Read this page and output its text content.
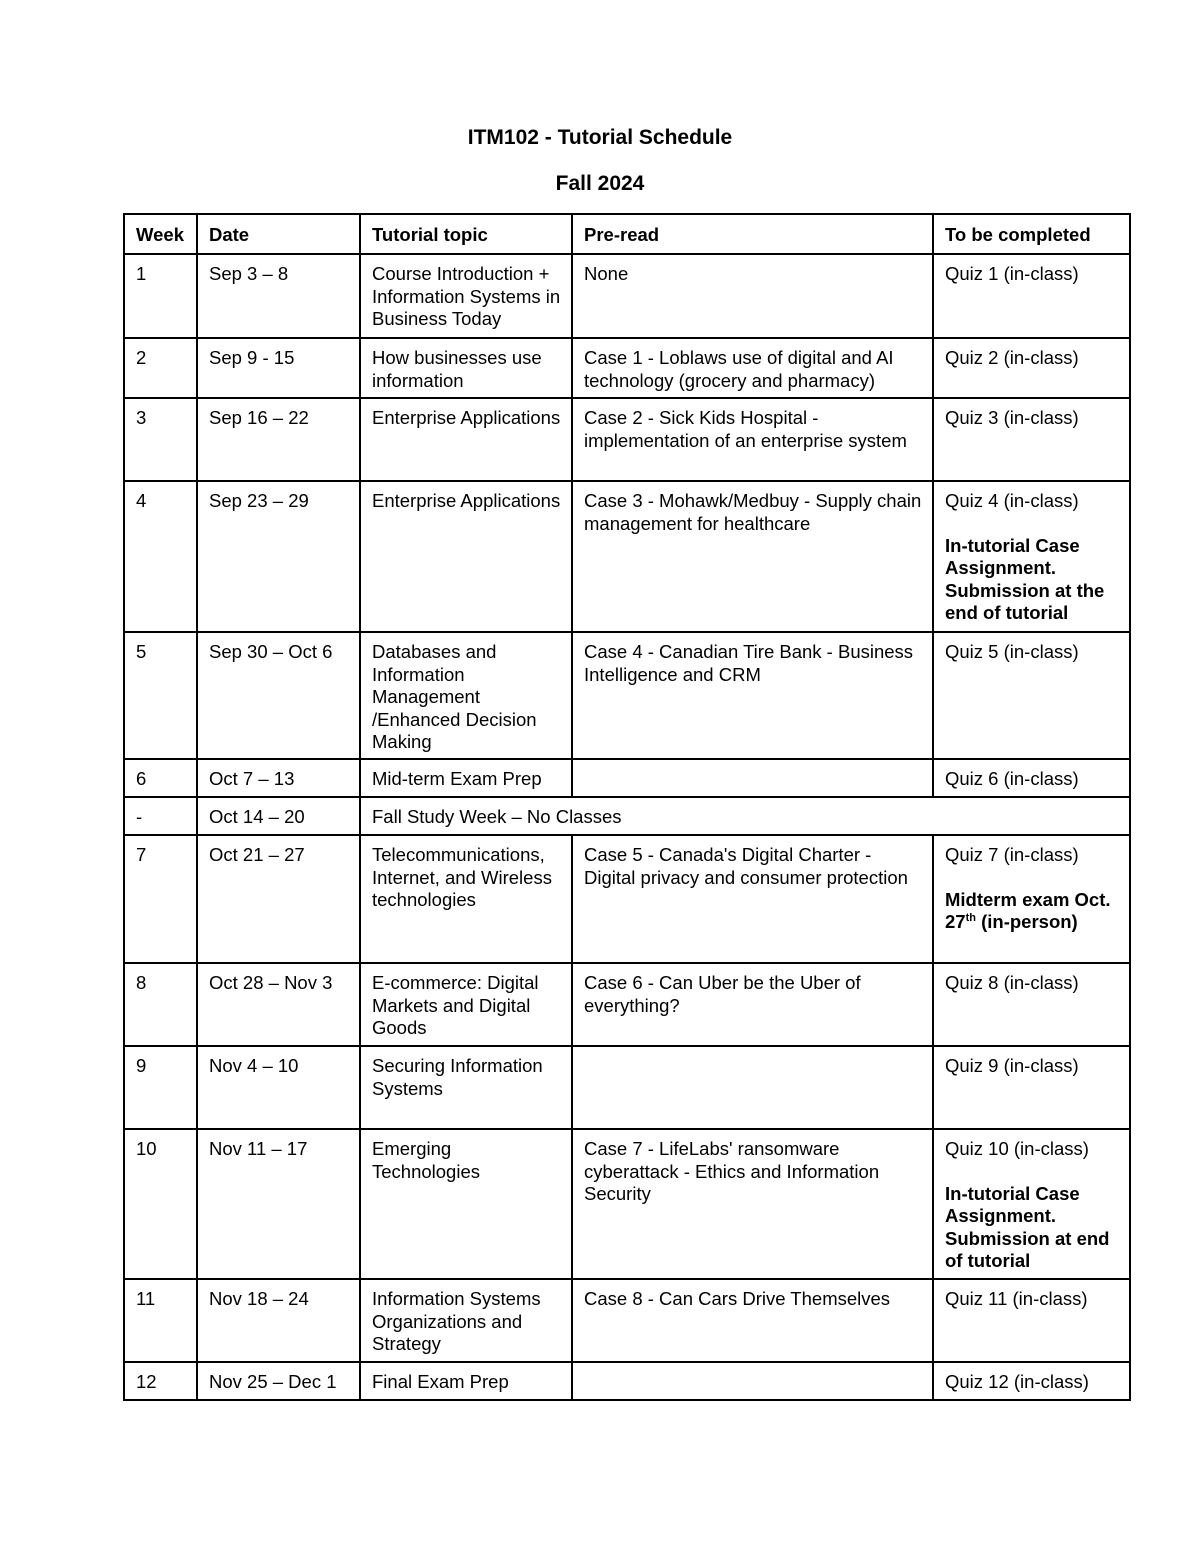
ITM102 - Tutorial Schedule
Fall 2024
Week	Date	Tutorial topic	Pre-read	To be completed
1	Sep 3 – 8	Course Introduction + Information Systems in Business Today	None	Quiz 1 (in-class)
2	Sep 9 - 15	How businesses use information	Case 1 - Loblaws use of digital and AI technology (grocery and pharmacy)	Quiz 2 (in-class)
3	Sep 16 – 22	Enterprise Applications	Case 2 - Sick Kids Hospital - implementation of an enterprise system	Quiz 3 (in-class)
4	Sep 23 – 29	Enterprise Applications	Case 3 - Mohawk/Medbuy - Supply chain management for healthcare	Quiz 4 (in-class)
In-tutorial Case Assignment. Submission at the end of tutorial

5	Sep 30 – Oct 6	Databases and Information Management /Enhanced Decision Making	Case 4 - Canadian Tire Bank - Business Intelligence and CRM	Quiz 5 (in-class)
6	Oct 7 – 13	Mid-term Exam Prep		Quiz 6 (in-class)
-	Oct 14 – 20	Fall Study Week – No Classes		
7	Oct 21 – 27	Telecommunications, Internet, and Wireless technologies	Case 5 - Canada's Digital Charter - Digital privacy and consumer protection	Quiz 7 (in-class)
Midterm exam Oct. 27th (in-person)

8	Oct 28 – Nov 3	E-commerce: Digital Markets and Digital Goods	Case 6 - Can Uber be the Uber of everything?	Quiz 8 (in-class)
9	Nov 4 – 10	Securing Information Systems		Quiz 9 (in-class)
10	Nov 11 – 17	Emerging Technologies	Case 7 - LifeLabs' ransomware cyberattack - Ethics and Information Security	Quiz 10 (in-class)
In-tutorial Case Assignment. Submission at end of tutorial

11	Nov 18 – 24	Information Systems Organizations and Strategy	Case 8 - Can Cars Drive Themselves	Quiz 11 (in-class)
12	Nov 25 – Dec 1	Final Exam Prep		Quiz 12 (in-class)
